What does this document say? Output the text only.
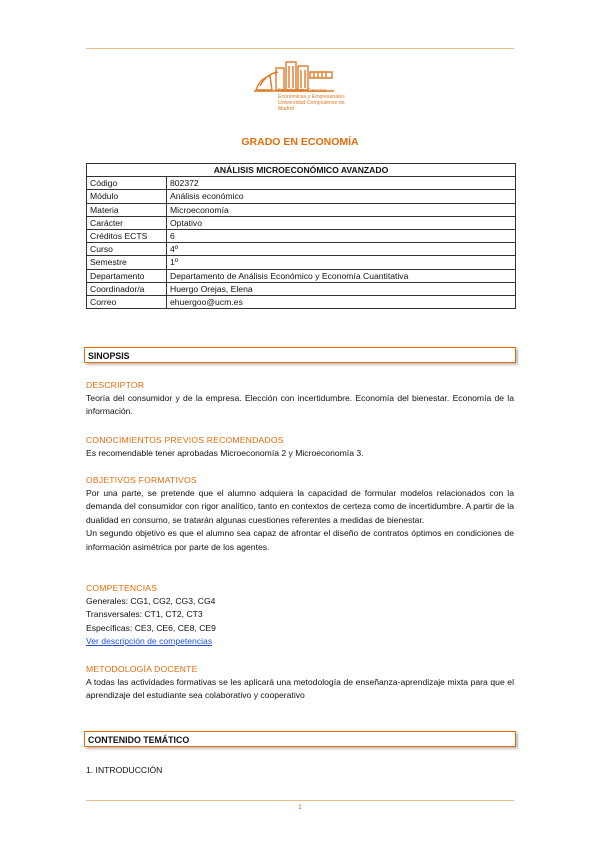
Facultad de Ciencias
Económicas y Empresariales
Universidad Complutense de Madrid
GRADO EN ECONOMÍA
ANÁLISIS MICROECONÓMICO AVANZADO	
Código	802372
Módulo	Análisis económico
Materia	Microeconomía
Carácter	Optativo
Créditos ECTS	6
Curso	4º
Semestre	1º
Departamento	Departamento de Análisis Económico y Economía Cuantitativa
Coordinador/a	Huergo Orejas, Elena
Correo	ehuergoo@ucm.es
SINOPSIS
DESCRIPTOR
Teoría del consumidor y de la empresa. Elección con incertidumbre. Economía del bienestar. Economía de la información.
CONOCIMIENTOS PREVIOS RECOMENDADOS
Es recomendable tener aprobadas Microeconomía 2 y Microeconomía 3.
OBJETIVOS FORMATIVOS

Por una parte, se pretende que el alumno adquiera la capacidad de formular modelos relacionados con la demanda del consumidor con rigor analítico, tanto en contextos de certeza como de incertidumbre. A partir de la dualidad en consumo, se tratarán algunas cuestiones referentes a medidas de bienestar.

Un segundo objetivo es que el alumno sea capaz de afrontar el diseño de contratos óptimos en condiciones de información asimétrica por parte de los agentes.

COMPETENCIAS

Generales: CG1, CG2, CG3, CG4

Transversales: CT1, CT2, CT3

Específicas: CE3, CE6, CE8, CE9

Ver descripción de competencias

METODOLOGÍA DOCENTE
A todas las actividades formativas se les aplicará una metodología de enseñanza-aprendizaje mixta para que el aprendizaje del estudiante sea colaborativo y cooperativo
CONTENIDO TEMÁTICO
1. INTRODUCCIÓN
1
